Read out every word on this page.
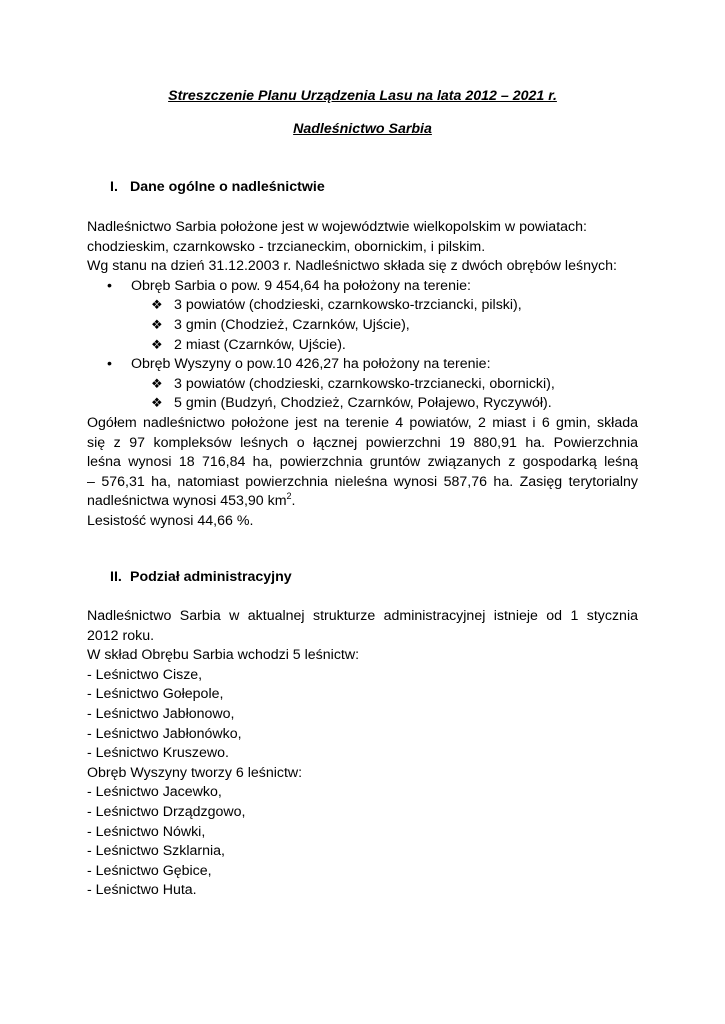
Streszczenie Planu Urządzenia Lasu na lata 2012 – 2021 r.
Nadleśnictwo Sarbia
I. Dane ogólne o nadleśnictwie
Nadleśnictwo Sarbia położone jest w województwie wielkopolskim w powiatach:
chodzieskim, czarnkowsko - trzcianeckim, obornickim, i pilskim.
Wg stanu na dzień 31.12.2003 r. Nadleśnictwo składa się z dwóch obrębów leśnych:
• Obręb Sarbia o pow. 9 454,64 ha położony na terenie:
❖ 3 powiatów (chodzieski, czarnkowsko-trzciancki, pilski),
❖ 3 gmin (Chodzież, Czarnków, Ujście),
❖ 2 miast (Czarnków, Ujście).
• Obręb Wyszyny o pow.10 426,27 ha położony na terenie:
❖ 3 powiatów (chodzieski, czarnkowsko-trzcianecki, obornicki),
❖ 5 gmin (Budzyń, Chodzież, Czarnków, Połajewo, Ryczywół).
Ogółem nadleśnictwo położone jest na terenie 4 powiatów, 2 miast i 6 gmin, składa
się z 97 kompleksów leśnych o łącznej powierzchni 19 880,91 ha. Powierzchnia
leśna wynosi 18 716,84 ha, powierzchnia gruntów związanych z gospodarką leśną
– 576,31 ha, natomiast powierzchnia nieleśna wynosi 587,76 ha. Zasięg terytorialny
nadleśnictwa wynosi 453,90 $km^2$.
Lesistość wynosi 44,66 %.
II. Podział administracyjny
Nadleśnictwo Sarbia w aktualnej strukturze administracyjnej istnieje od 1 stycznia
2012 roku.
W skład Obrębu Sarbia wchodzi 5 leśnictw:
- Leśnictwo Cisze,
- Leśnictwo Gołepole,
- Leśnictwo Jabłonowo,
- Leśnictwo Jabłonówko,
- Leśnictwo Kruszewo.
Obręb Wyszyny tworzy 6 leśnictw:
- Leśnictwo Jacewko,
- Leśnictwo Drządzgowo,
- Leśnictwo Nówki,
- Leśnictwo Szklarnia,
- Leśnictwo Gębice,
- Leśnictwo Huta.
